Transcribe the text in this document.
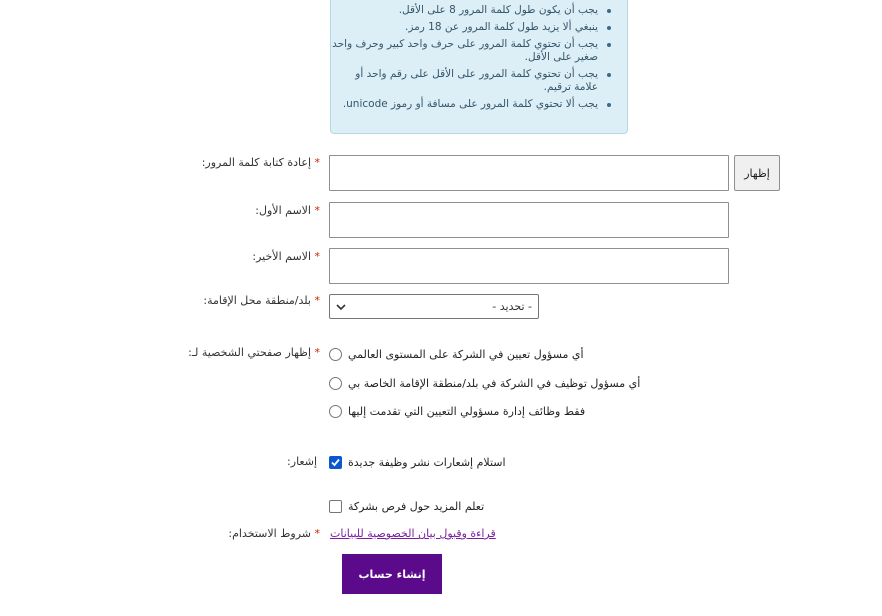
يجب أن يكون طول كلمة المرور 8 على الأقل.
ينبغي ألا يزيد طول كلمة المرور عن 18 رمز.
يجب أن تحتوي كلمة المرور على حرف واحد كبير وحرف واحد صغير على الأقل.
يجب أن تحتوي كلمة المرور على الأقل على رقم واحد أو علامة ترقيم.
يجب ألا تحتوي كلمة المرور على مسافة أو رموز unicode.
* إعادة كتابة كلمة المرور:
إظهار
* الاسم الأول:
* الاسم الأخير:
* بلد/منطقة محل الإقامة:	- تحديد -
* إظهار صفحتي الشخصية لـ:	أي مسؤول تعيين في الشركة على المستوى العالمي
أي مسؤول توظيف في الشركة في بلد/منطقة الإقامة الخاصة بي
فقط وظائف إدارة مسؤولي التعيين التي تقدمت إليها
إشعار:	استلام إشعارات نشر وظيفة جديدة
تعلم المزيد حول فرص بشركة
* شروط الاستخدام:	قراءة وقبول بيان الخصوصية للبيانات
إنشاء حساب
